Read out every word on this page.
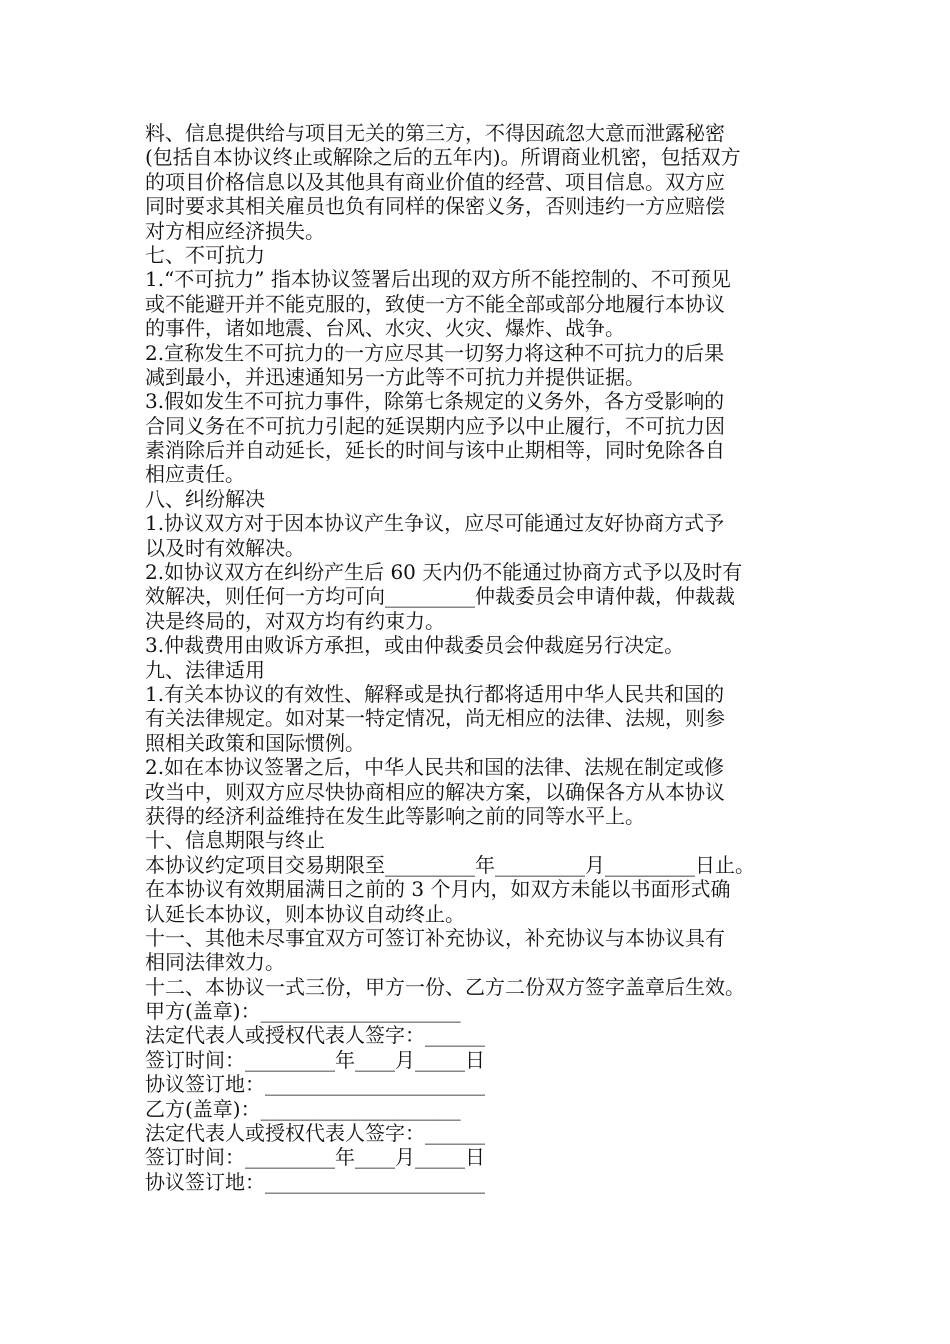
料、信息提供给与项目无关的第三方，不得因疏忽大意而泄露秘密
(包括自本协议终止或解除之后的五年内)。所谓商业机密，包括双方
的项目价格信息以及其他具有商业价值的经营、项目信息。双方应
同时要求其相关雇员也负有同样的保密义务，否则违约一方应赔偿
对方相应经济损失。
七、不可抗力
1.“不可抗力” 指本协议签署后出现的双方所不能控制的、不可预见
或不能避开并不能克服的，致使一方不能全部或部分地履行本协议
的事件，诸如地震、台风、水灾、火灾、爆炸、战争。
2.宣称发生不可抗力的一方应尽其一切努力将这种不可抗力的后果
减到最小，并迅速通知另一方此等不可抗力并提供证据。
3.假如发生不可抗力事件，除第七条规定的义务外，各方受影响的
合同义务在不可抗力引起的延误期内应予以中止履行，不可抗力因
素消除后并自动延长，延长的时间与该中止期相等，同时免除各自
相应责任。
八、纠纷解决
1.协议双方对于因本协议产生争议，应尽可能通过友好协商方式予
以及时有效解决。
2.如协议双方在纠纷产生后 60 天内仍不能通过协商方式予以及时有
效解决，则任何一方均可向_________仲裁委员会申请仲裁，仲裁裁
决是终局的，对双方均有约束力。
3.仲裁费用由败诉方承担，或由仲裁委员会仲裁庭另行决定。
九、法律适用
1.有关本协议的有效性、解释或是执行都将适用中华人民共和国的
有关法律规定。如对某一特定情况，尚无相应的法律、法规，则参
照相关政策和国际惯例。
2.如在本协议签署之后，中华人民共和国的法律、法规在制定或修
改当中，则双方应尽快协商相应的解决方案，以确保各方从本协议
获得的经济利益维持在发生此等影响之前的同等水平上。
十、信息期限与终止
本协议约定项目交易期限至_________年_________月_________日止。
在本协议有效期届满日之前的 3 个月内，如双方未能以书面形式确
认延长本协议，则本协议自动终止。
十一、其他未尽事宜双方可签订补充协议，补充协议与本协议具有
相同法律效力。
十二、本协议一式三份，甲方一份、乙方二份双方签字盖章后生效。
甲方(盖章)：____________________
法定代表人或授权代表人签字：______
签订时间：_________年____月_____日
协议签订地：______________________
乙方(盖章)：____________________
法定代表人或授权代表人签字：______
签订时间：_________年____月_____日
协议签订地：______________________
